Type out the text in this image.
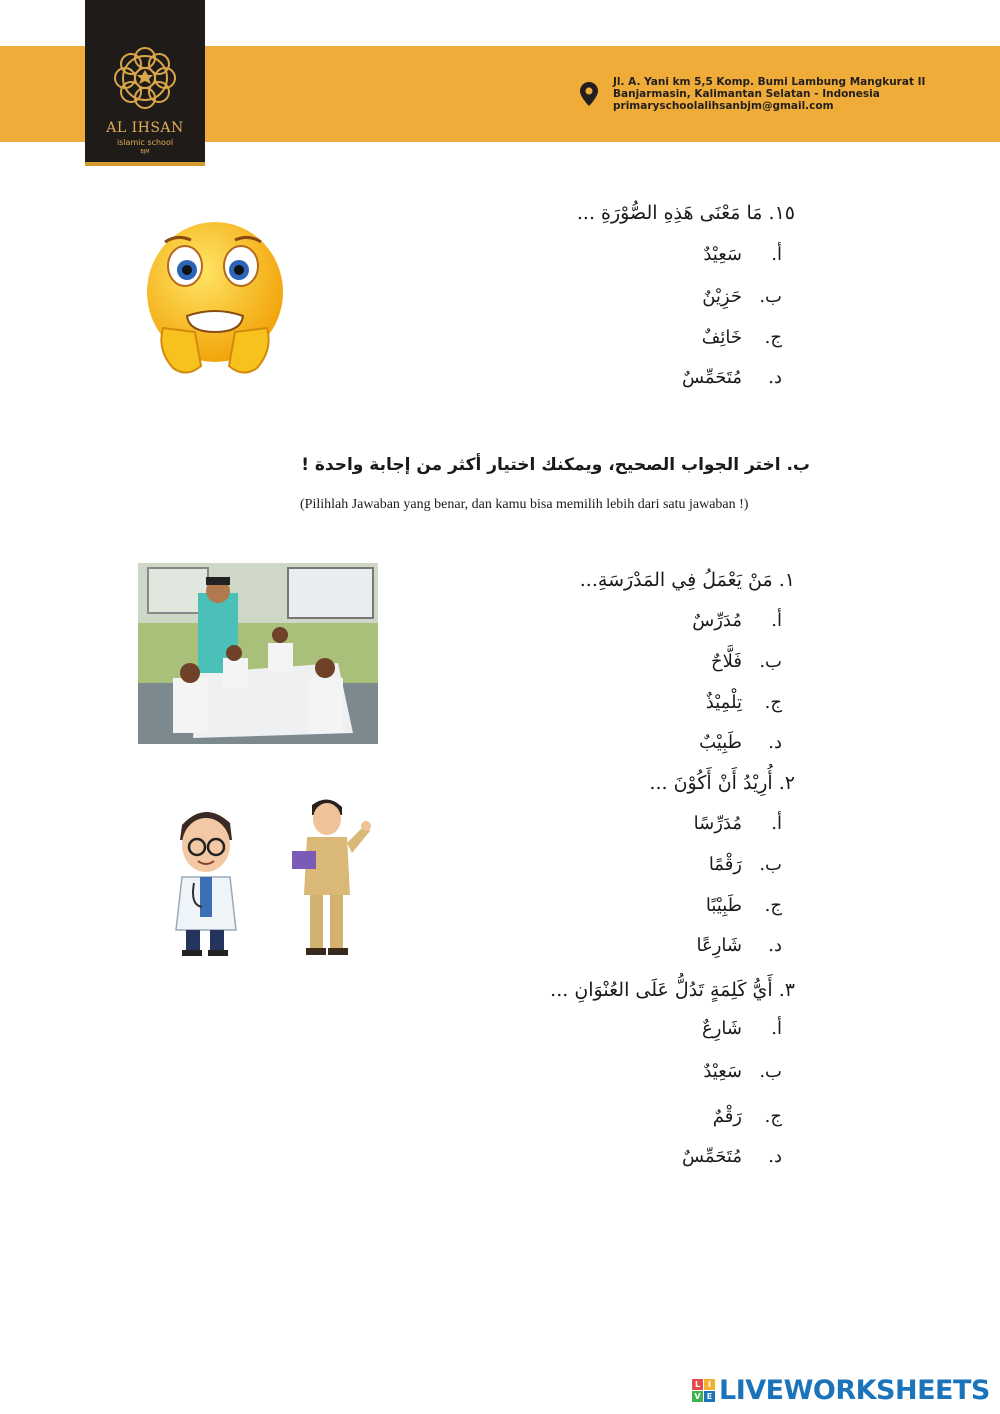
AL IHSAN
islamic school
BJM
Jl. A. Yani km 5,5 Komp. Bumi Lambung Mangkurat II
Banjarmasin, Kalimantan Selatan - Indonesia
primaryschoolalihsanbjm@gmail.com
١٥. مَا مَعْنَى هَذِهِ الصُّوْرَةِ ...
أ.سَعِيْدٌ
ب.حَزِيْنٌ
ج.خَائِفٌ
د.مُتَحَمِّسٌ
ب. اختر الجواب الصحيح، ويمكنك اختيار أكثر من إجابة واحدة !
(Pilihlah Jawaban yang benar, dan kamu bisa memilih lebih dari satu jawaban !)
١. مَنْ يَعْمَلُ فِي المَدْرَسَةِ...
أ.مُدَرِّسٌ
ب.فَلَّاحٌ
ج.تِلْمِيْذٌ
د.طَبِيْبٌ
٢. أُرِيْدُ أَنْ أَكُوْنَ ...
أ.مُدَرِّسًا
ب.رَقْمًا
ج.طَبِيْبًا
د.شَارِعًا
٣. أَيُّ كَلِمَةٍ تَدُلُّ عَلَى العُنْوَانِ ...
أ.شَارِعٌ
ب.سَعِيْدٌ
ج.رَقْمٌ
د.مُتَحَمِّسٌ
L I
V E LIVEWORKSHEETS
